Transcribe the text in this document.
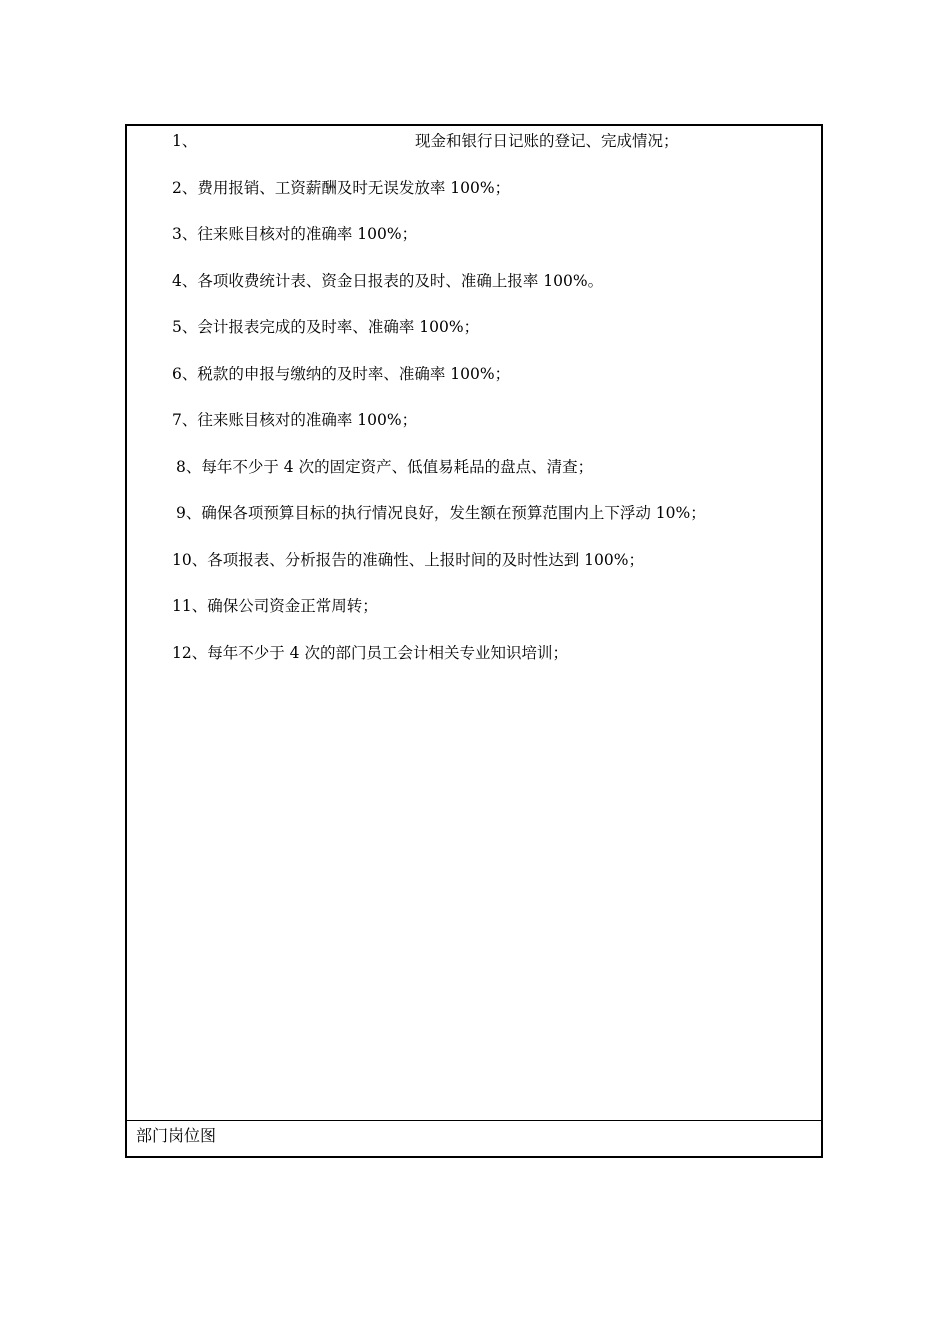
1、	现金和银行日记账的登记、完成情况；
2、费用报销、工资薪酬及时无误发放率 100%；
3、往来账目核对的准确率 100%；
4、各项收费统计表、资金日报表的及时、准确上报率 100%。
5、会计报表完成的及时率、准确率 100%；
6、税款的申报与缴纳的及时率、准确率 100%；
7、往来账目核对的准确率 100%；
8、每年不少于 4 次的固定资产、低值易耗品的盘点、清查；
9、确保各项预算目标的执行情况良好，发生额在预算范围内上下浮动 10%；
10、各项报表、分析报告的准确性、上报时间的及时性达到 100%；
11、确保公司资金正常周转；
12、每年不少于 4 次的部门员工会计相关专业知识培训；
部门岗位图
